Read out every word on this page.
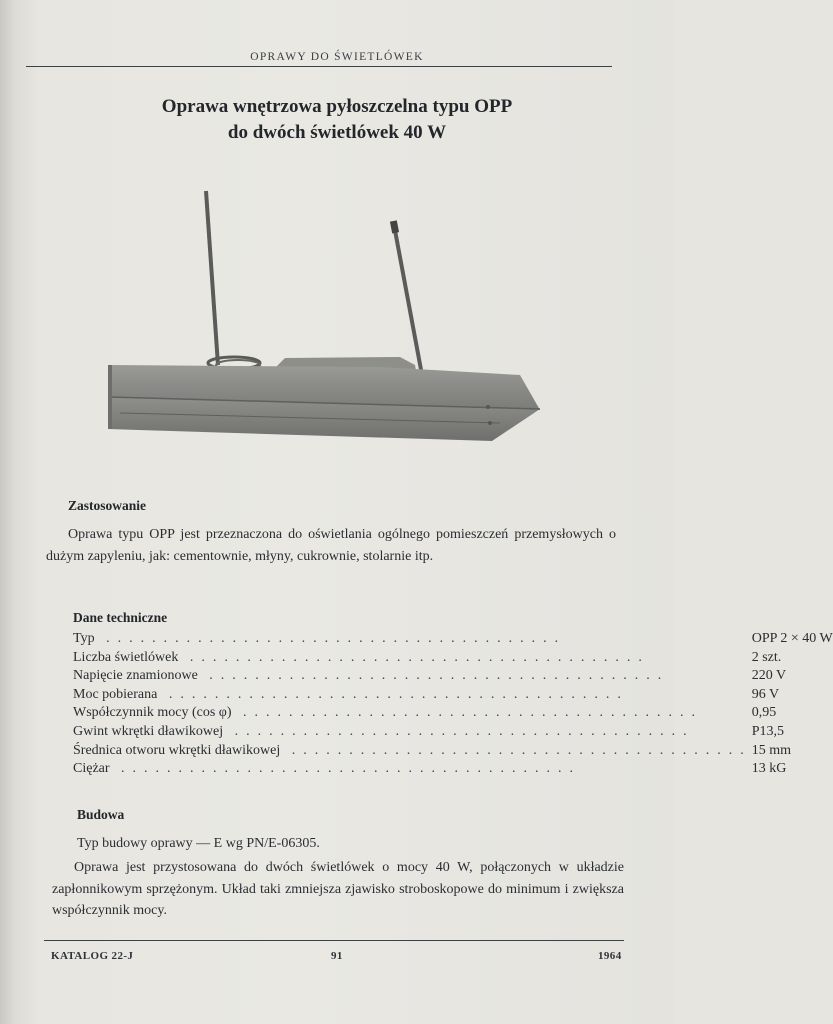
OPRAWY DO ŚWIETLÓWEK
Oprawa wnętrzowa pyłoszczelna typu OPP
do dwóch świetlówek 40 W
Zastosowanie
Oprawa typu OPP jest przeznaczona do oświetlania ogólnego pomieszczeń przemysłowych o dużym zapyleniu, jak: cementownie, młyny, cukrownie, stolarnie itp.
Dane techniczne
Typ ........................................	OPP 2 × 40 W
Liczba świetlówek ........................................	2 szt.
Napięcie znamionowe ........................................	220 V
Moc pobierana ........................................	96 V
Współczynnik mocy (cos φ) ........................................	0,95
Gwint wkrętki dławikowej ........................................	P13,5
Średnica otworu wkrętki dławikowej ........................................	15 mm
Ciężar ........................................	13 kG
Budowa
Typ budowy oprawy — E wg PN/E-06305.
Oprawa jest przystosowana do dwóch świetlówek o mocy 40 W, połączonych w układzie zapłonnikowym sprzężonym. Układ taki zmniejsza zjawisko stroboskopowe do minimum i zwiększa współczynnik mocy.
KATALOG 22-J	91	1964
